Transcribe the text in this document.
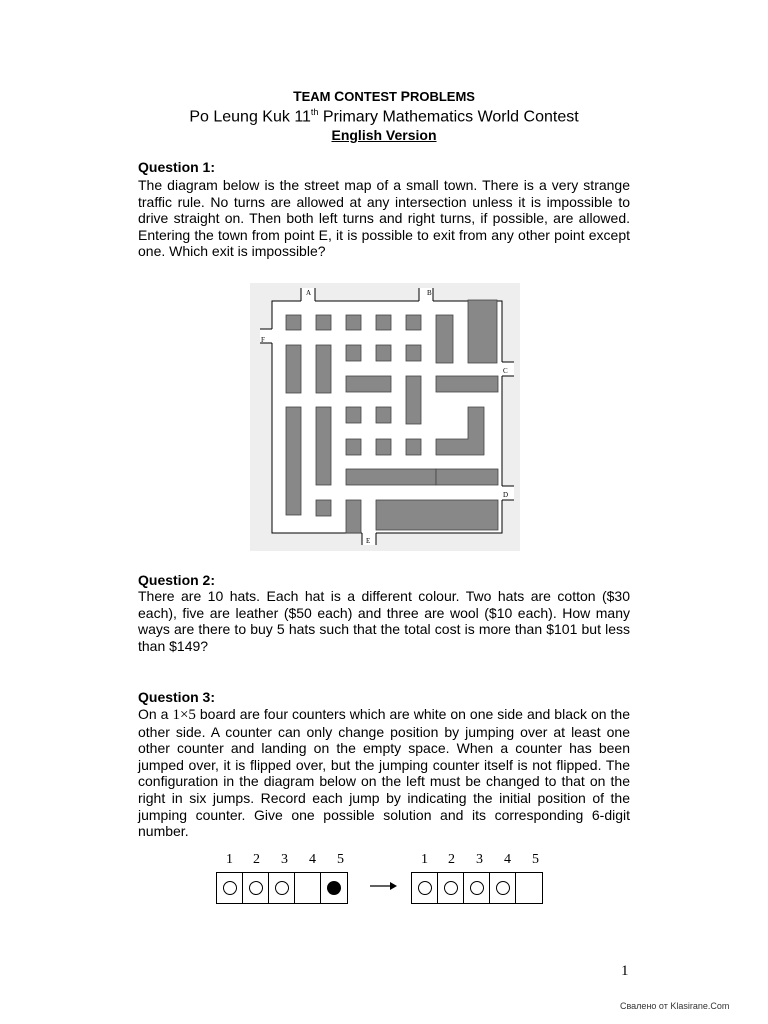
TEAM CONTEST PROBLEMS
Po Leung Kuk 11th Primary Mathematics World Contest
English Version
Question 1:
The diagram below is the street map of a small town. There is a very strange traffic rule. No turns are allowed at any intersection unless it is impossible to drive straight on. Then both left turns and right turns, if possible, are allowed. Entering the town from point E, it is possible to exit from any other point except one. Which exit is impossible?
A	B
F
C
D
E
Question 2:
There are 10 hats. Each hat is a different colour. Two hats are cotton ($30 each), five are leather ($50 each) and three are wool ($10 each). How many ways are there to buy 5 hats such that the total cost is more than $101 but less than $149?
Question 3:
On a 1×5 board are four counters which are white on one side and black on the other side. A counter can only change position by jumping over at least one other counter and landing on the empty space. When a counter has been jumped over, it is flipped over, but the jumping counter itself is not flipped. The configuration in the diagram below on the left must be changed to that on the right in six jumps. Record each jump by indicating the initial position of the jumping counter. Give one possible solution and its corresponding 6-digit number.
1 2 3 4 5	1 2 3 4 5
1
Свалено от Klasirane.Com
